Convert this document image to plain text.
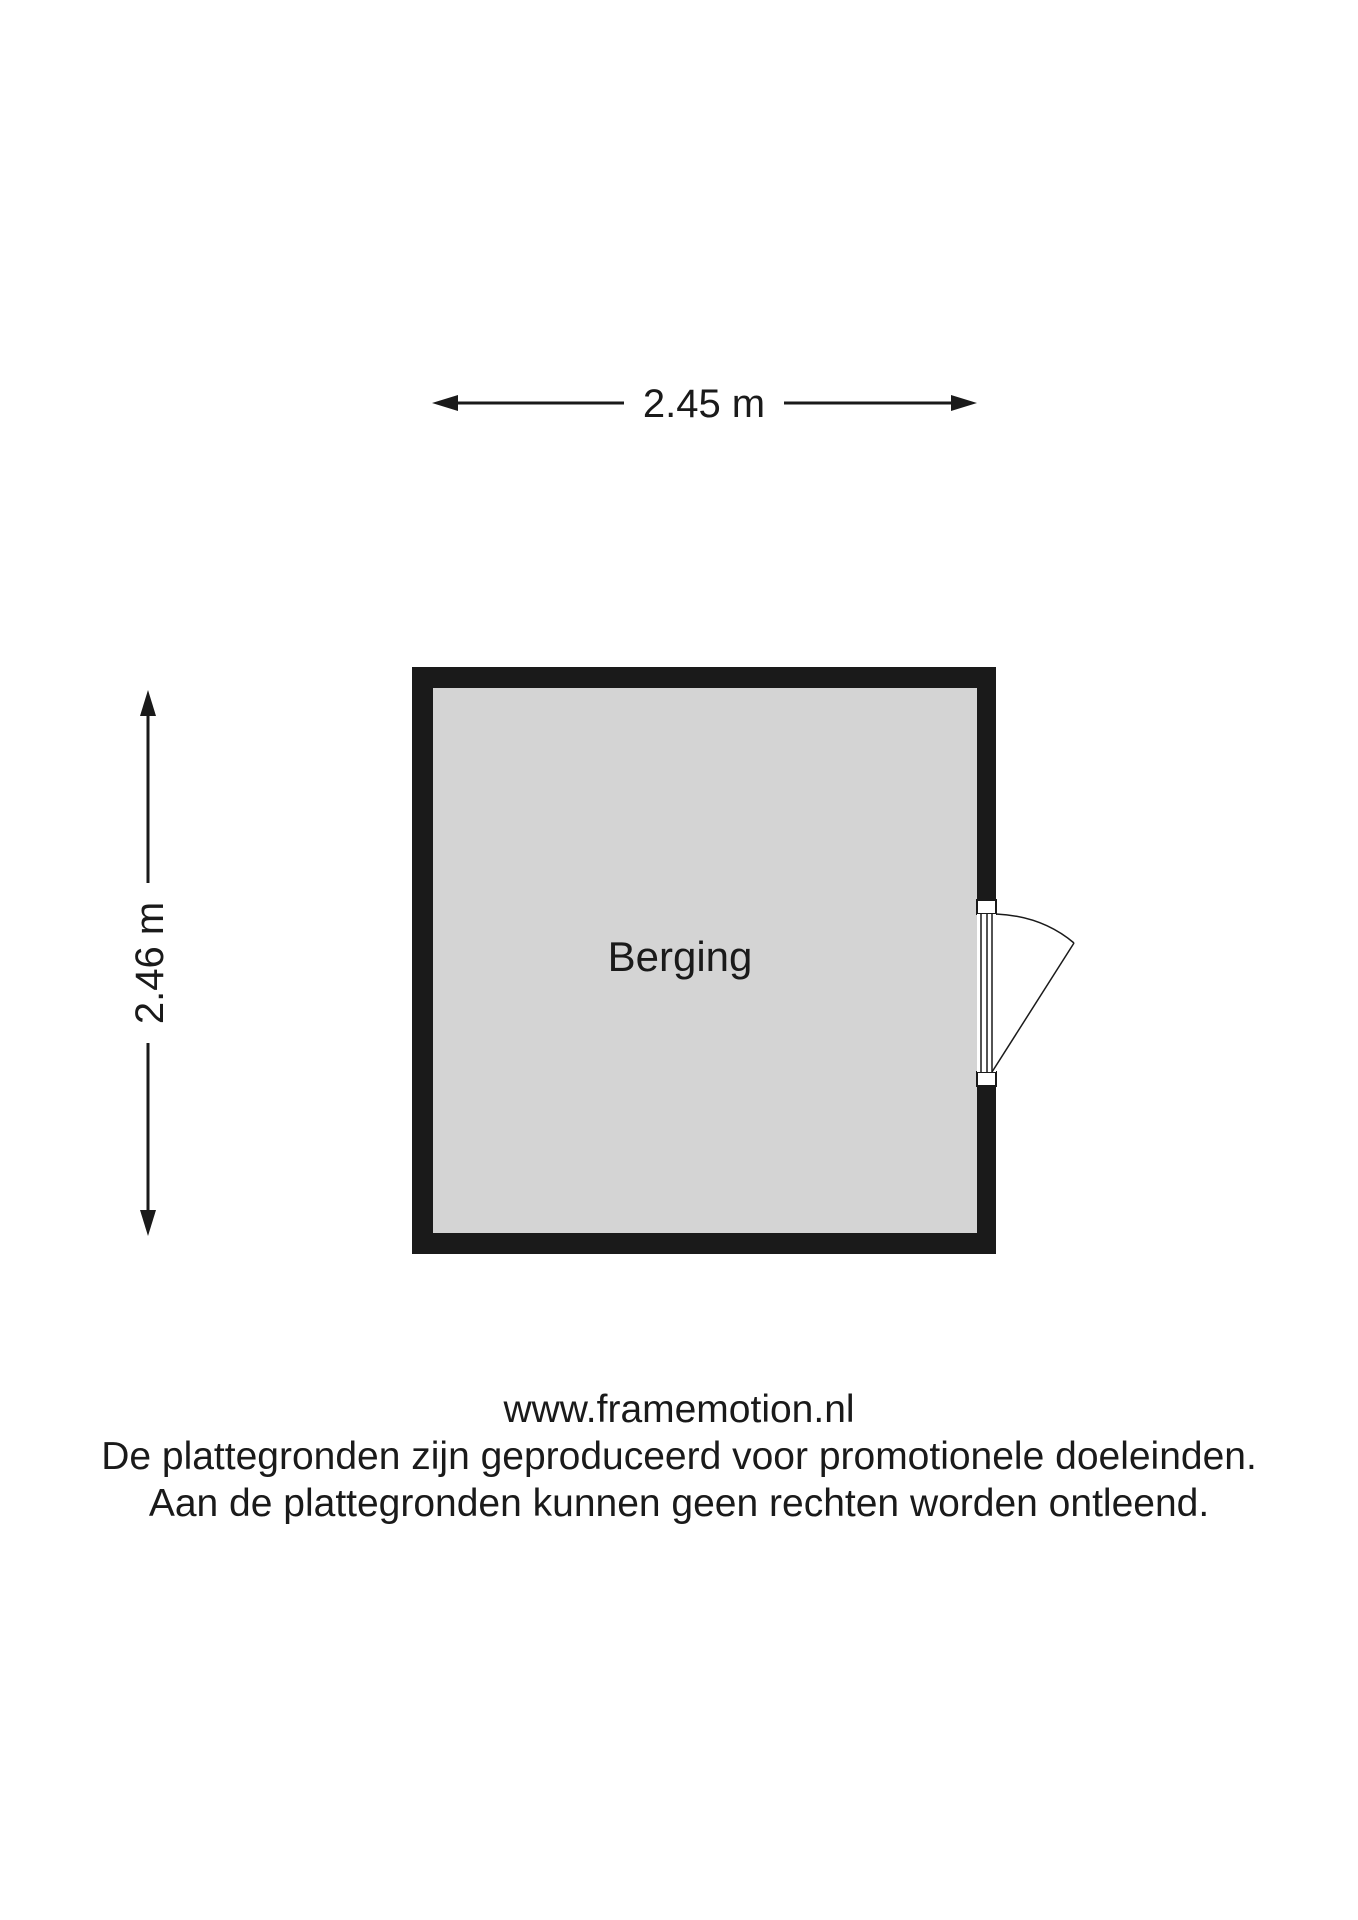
2.45 m
2.46 m	Berging
www.framemotion.nl
De plattegronden zijn geproduceerd voor promotionele doeleinden.
Aan de plattegronden kunnen geen rechten worden ontleend.
